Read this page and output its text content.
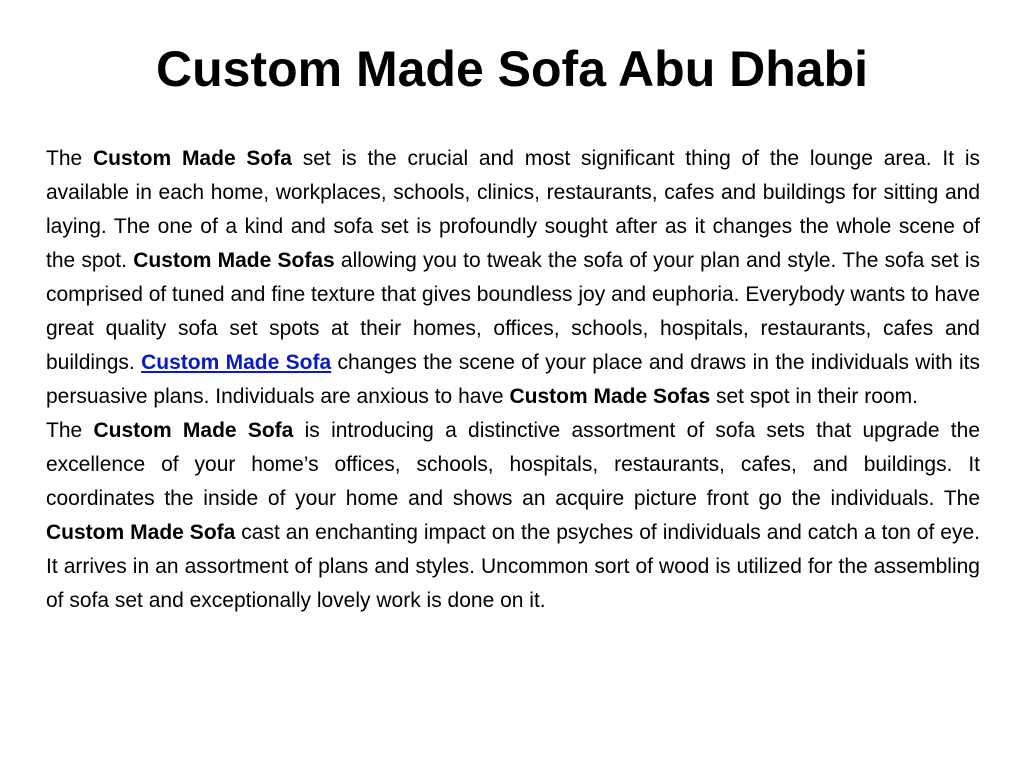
Custom Made Sofa Abu Dhabi

The Custom Made Sofa set is the crucial and most significant thing of the lounge area. It is available in each home, workplaces, schools, clinics, restaurants, cafes and buildings for sitting and laying. The one of a kind and sofa set is profoundly sought after as it changes the whole scene of the spot. Custom Made Sofas allowing you to tweak the sofa of your plan and style. The sofa set is comprised of tuned and fine texture that gives boundless joy and euphoria. Everybody wants to have great quality sofa set spots at their homes, offices, schools, hospitals, restaurants, cafes and buildings. Custom Made Sofa changes the scene of your place and draws in the individuals with its persuasive plans. Individuals are anxious to have Custom Made Sofas set spot in their room.

The Custom Made Sofa is introducing a distinctive assortment of sofa sets that upgrade the excellence of your home’s offices, schools, hospitals, restaurants, cafes, and buildings. It coordinates the inside of your home and shows an acquire picture front go the individuals. The Custom Made Sofa cast an enchanting impact on the psyches of individuals and catch a ton of eye. It arrives in an assortment of plans and styles. Uncommon sort of wood is utilized for the assembling of sofa set and exceptionally lovely work is done on it.
